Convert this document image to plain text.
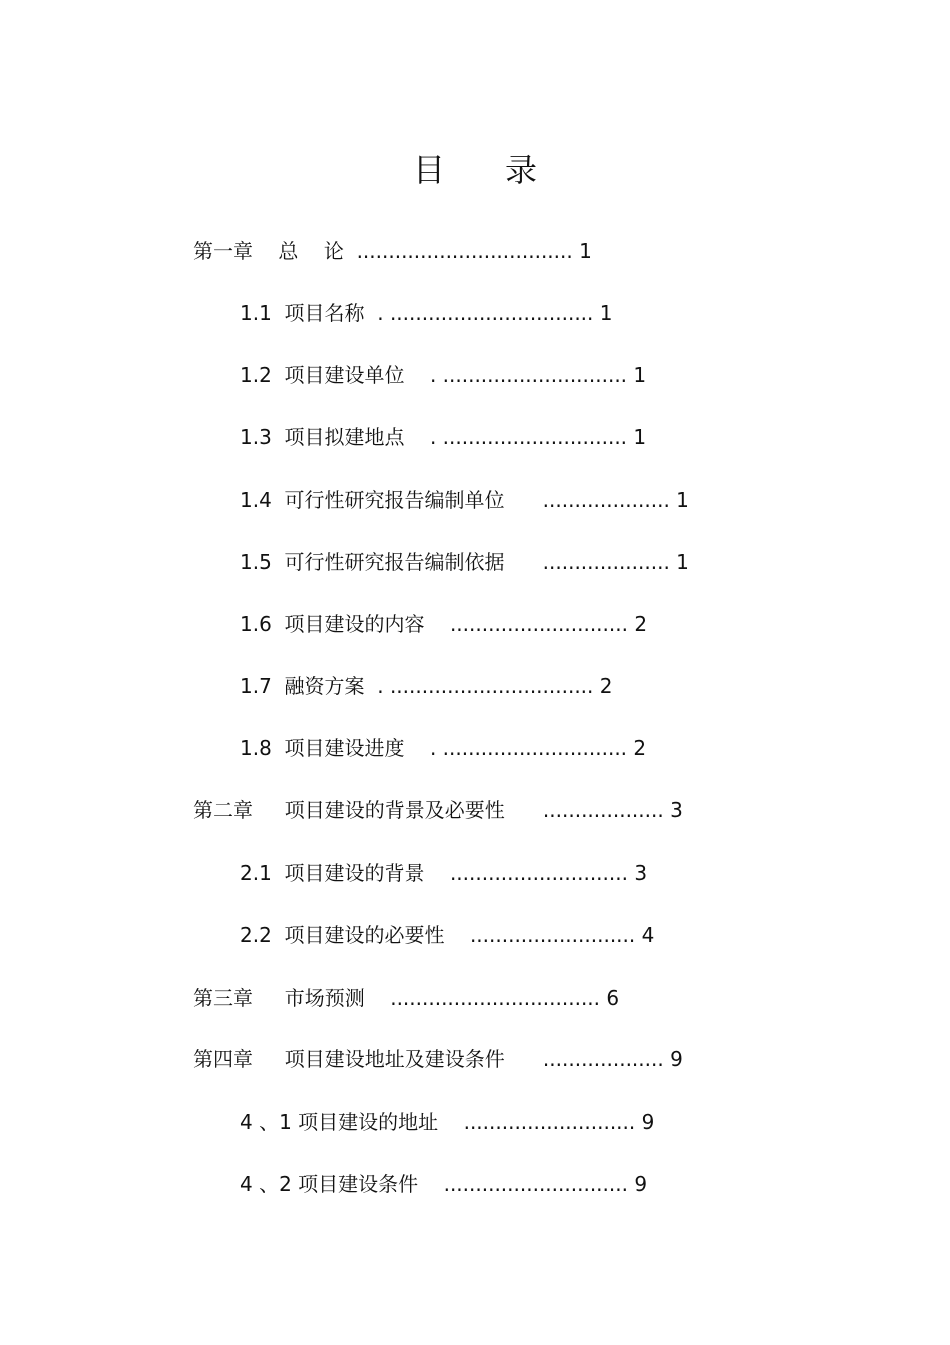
目 录
第一章    总    论  .................................. 1
1.1  项目名称  . ................................ 1
1.2  项目建设单位    . ............................. 1
1.3  项目拟建地点    . ............................. 1
1.4  可行性研究报告编制单位      .................... 1
1.5  可行性研究报告编制依据      .................... 1
1.6  项目建设的内容    ............................ 2
1.7  融资方案  . ................................ 2
1.8  项目建设进度    . ............................. 2
第二章     项目建设的背景及必要性      ................... 3
2.1  项目建设的背景    ............................ 3
2.2  项目建设的必要性    .......................... 4
第三章     市场预测    ................................. 6
第四章     项目建设地址及建设条件      ................... 9
4 、1 项目建设的地址    ........................... 9
4 、2 项目建设条件    ............................. 9
